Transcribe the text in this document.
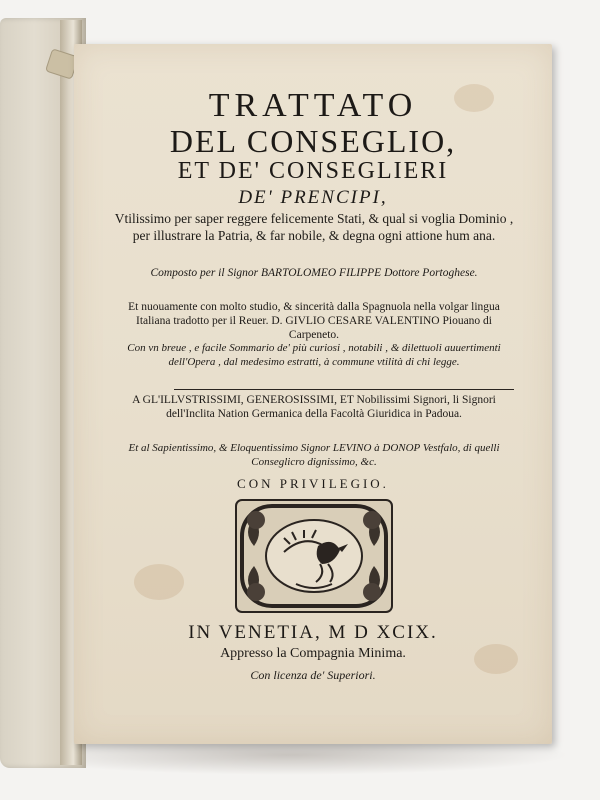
TRATTATO
DEL CONSEGLIO,
ET DE' CONSEGLIERI
DE' PRENCIPI,
Vtilissimo per saper reggere felicemente Stati, & qual si voglia Dominio , per illustrare la Patria, & far nobile, & degna ogni attione hum ana.
Composto per il Signor BARTOLOMEO FILIPPE Dottore Portoghese.
Et nuouamente con molto studio, & sincerità dalla Spagnuola nella volgar lingua Italiana tradotto per il Reuer. D. GIVLIO CESARE VALENTINO Piouano di Carpeneto.
Con vn breue , e facile Sommario de' più curiosi , notabili , & dilettuoli auuertimenti dell'Opera , dal medesimo estratti, à commune vtilità di chi legge.
A GL'ILLVSTRISSIMI, GENEROSISSIMI, ET Nobilissimi Signori, li Signori dell'Inclita Nation Germanica della Facoltà Giuridica in Padoua.
Et al Sapientissimo, & Eloquentissimo Signor LEVINO à DONOP Vestfalo, di quelli Conseglicro dignissimo, &c.
CON PRIVILEGIO.
IN VENETIA, M D XCIX.
Appresso la Compagnia Minima.
Con licenza de' Superiori.
